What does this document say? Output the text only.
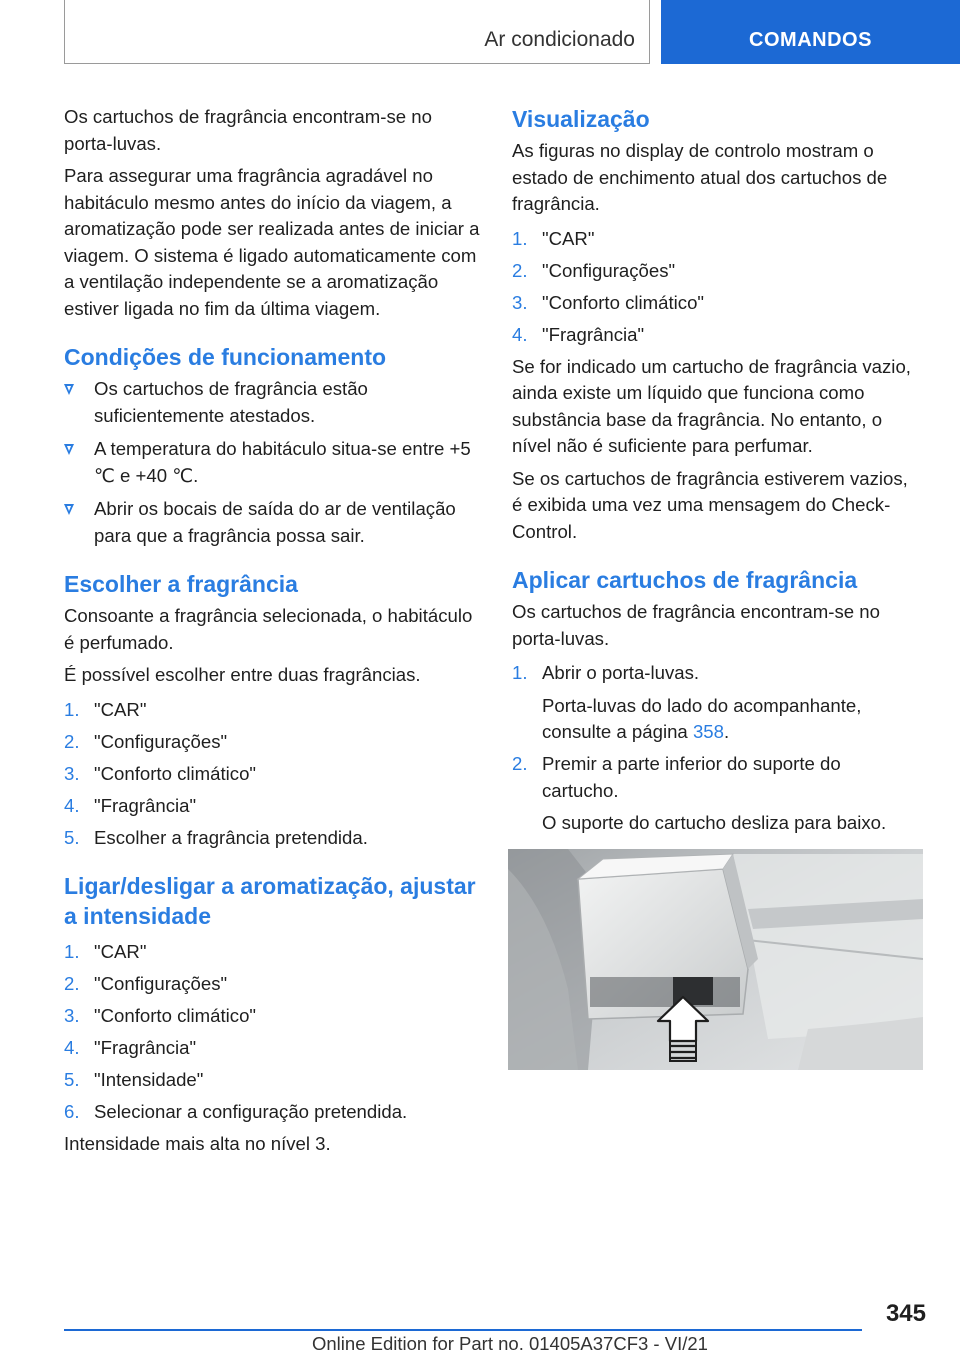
Ar condicionado	COMANDOS

Os cartuchos de fragrância encontram-se no porta-luvas.

Para assegurar uma fragrância agradável no habitáculo mesmo antes do início da viagem, a aromatização pode ser realizada antes de iniciar a viagem. O sistema é ligado automaticamente com a ventilação independente se a aromatização estiver ligada no fim da última viagem.

Condições de funcionamento
Os cartuchos de fragrância estão suficientemente atestados.
A temperatura do habitáculo situa-se entre +5 ℃ e +40 ℃.
Abrir os bocais de saída do ar de ventilação para que a fragrância possa sair.
Escolher a fragrância

Consoante a fragrância selecionada, o habitáculo é perfumado.

É possível escolher entre duas fragrâncias.

1. "CAR"
2. "Configurações"
3. "Conforto climático"
4. "Fragrância"
5. Escolher a fragrância pretendida.
Ligar/desligar a aromatização, ajustar a intensidade
1. "CAR"
2. "Configurações"
3. "Conforto climático"
4. "Fragrância"
5. "Intensidade"
6. Selecionar a configuração pretendida.

Intensidade mais alta no nível 3.

Visualização

As figuras no display de controlo mostram o estado de enchimento atual dos cartuchos de fragrância.

1. "CAR"
2. "Configurações"
3. "Conforto climático"
4. "Fragrância"

Se for indicado um cartucho de fragrância vazio, ainda existe um líquido que funciona como substância base da fragrância. No entanto, o nível não é suficiente para perfumar.

Se os cartuchos de fragrância estiverem vazios, é exibida uma vez uma mensagem do Check-Control.

Aplicar cartuchos de fragrância

Os cartuchos de fragrância encontram-se no porta-luvas.

1. Abrir o porta-luvas.
Porta-luvas do lado do acompanhante, consulte a página 358.
2. Premir a parte inferior do suporte do cartucho.
O suporte do cartucho desliza para baixo.
345
Online Edition for Part no. 01405A37CF3 - VI/21
